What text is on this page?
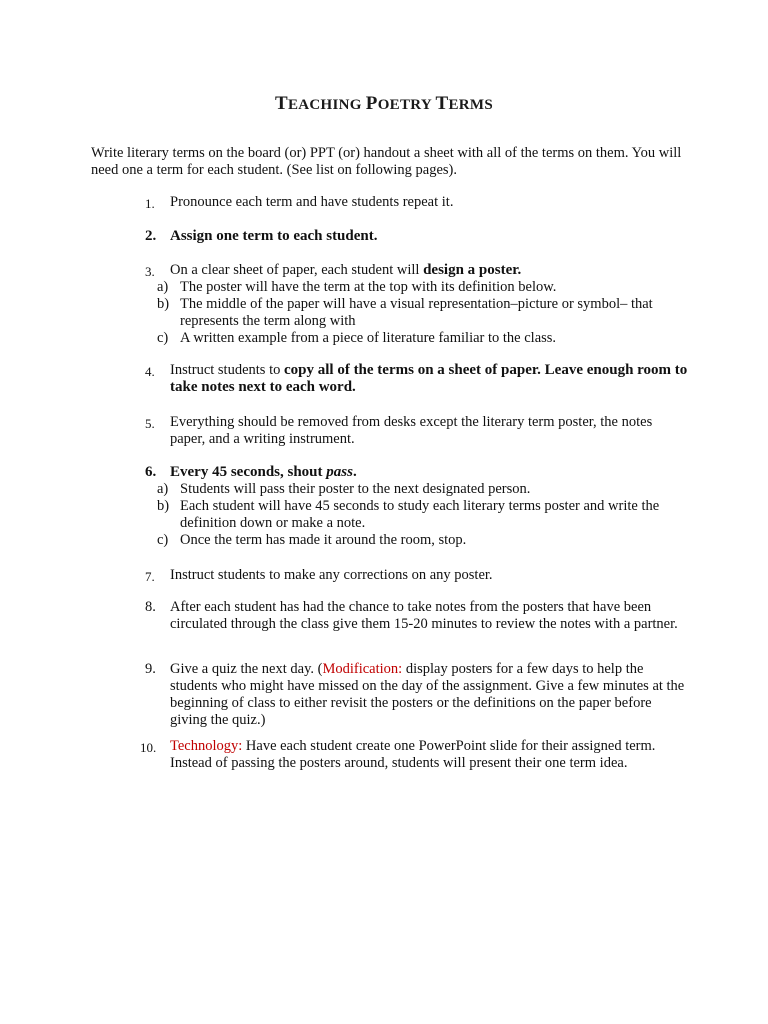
TEACHING POETRY TERMS
Write literary terms on the board (or) PPT (or) handout a sheet with all of the terms on them. You will need one a term for each student. (See list on following pages).
1. Pronounce each term and have students repeat it.
2. Assign one term to each student.
3. On a clear sheet of paper, each student will design a poster.
a) The poster will have the term at the top with its definition below.
b) The middle of the paper will have a visual representation–picture or symbol– that represents the term along with
c) A written example from a piece of literature familiar to the class.
4. Instruct students to copy all of the terms on a sheet of paper. Leave enough room to take notes next to each word.
5. Everything should be removed from desks except the literary term poster, the notes paper, and a writing instrument.
6. Every 45 seconds, shout pass.
a) Students will pass their poster to the next designated person.
b) Each student will have 45 seconds to study each literary terms poster and write the definition down or make a note.
c) Once the term has made it around the room, stop.
7. Instruct students to make any corrections on any poster.
8. After each student has had the chance to take notes from the posters that have been circulated through the class give them 15-20 minutes to review the notes with a partner.
9. Give a quiz the next day. (Modification: display posters for a few days to help the students who might have missed on the day of the assignment. Give a few minutes at the beginning of class to either revisit the posters or the definitions on the paper before giving the quiz.)
10. Technology: Have each student create one PowerPoint slide for their assigned term. Instead of passing the posters around, students will present their one term idea.
